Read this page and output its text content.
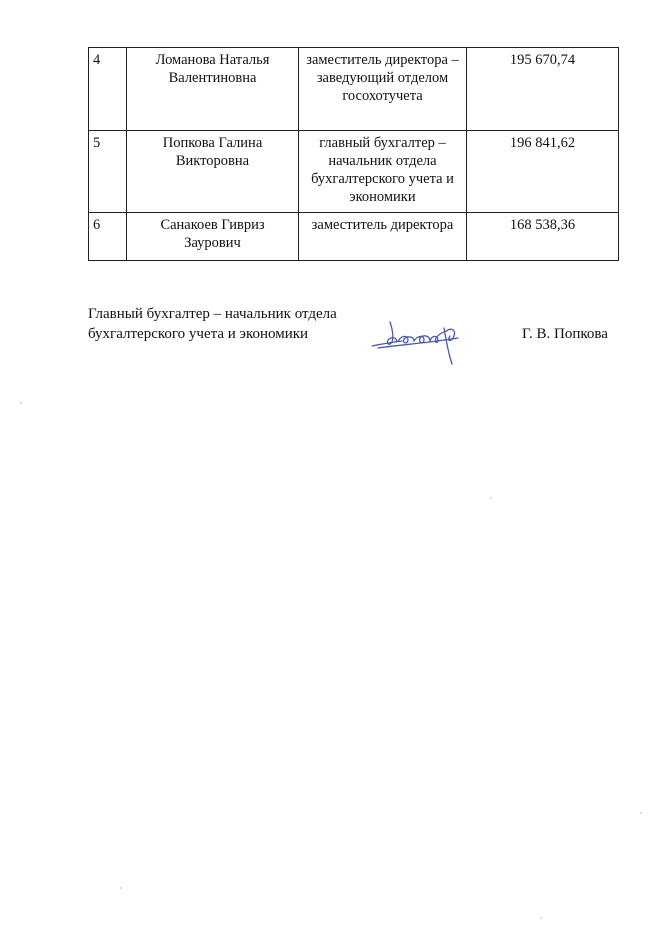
4	Ломанова Наталья Валентиновна	заместитель директора – заведующий отделом госохотучета	195 670,74
5	Попкова Галина Викторовна	главный бухгалтер – начальник отдела бухгалтерского учета и экономики	196 841,62
6	Санакоев Гивриз Заурович	заместитель директора	168 538,36
Главный бухгалтер – начальник отдела
бухгалтерского учета и экономики	Г. В. Попкова
